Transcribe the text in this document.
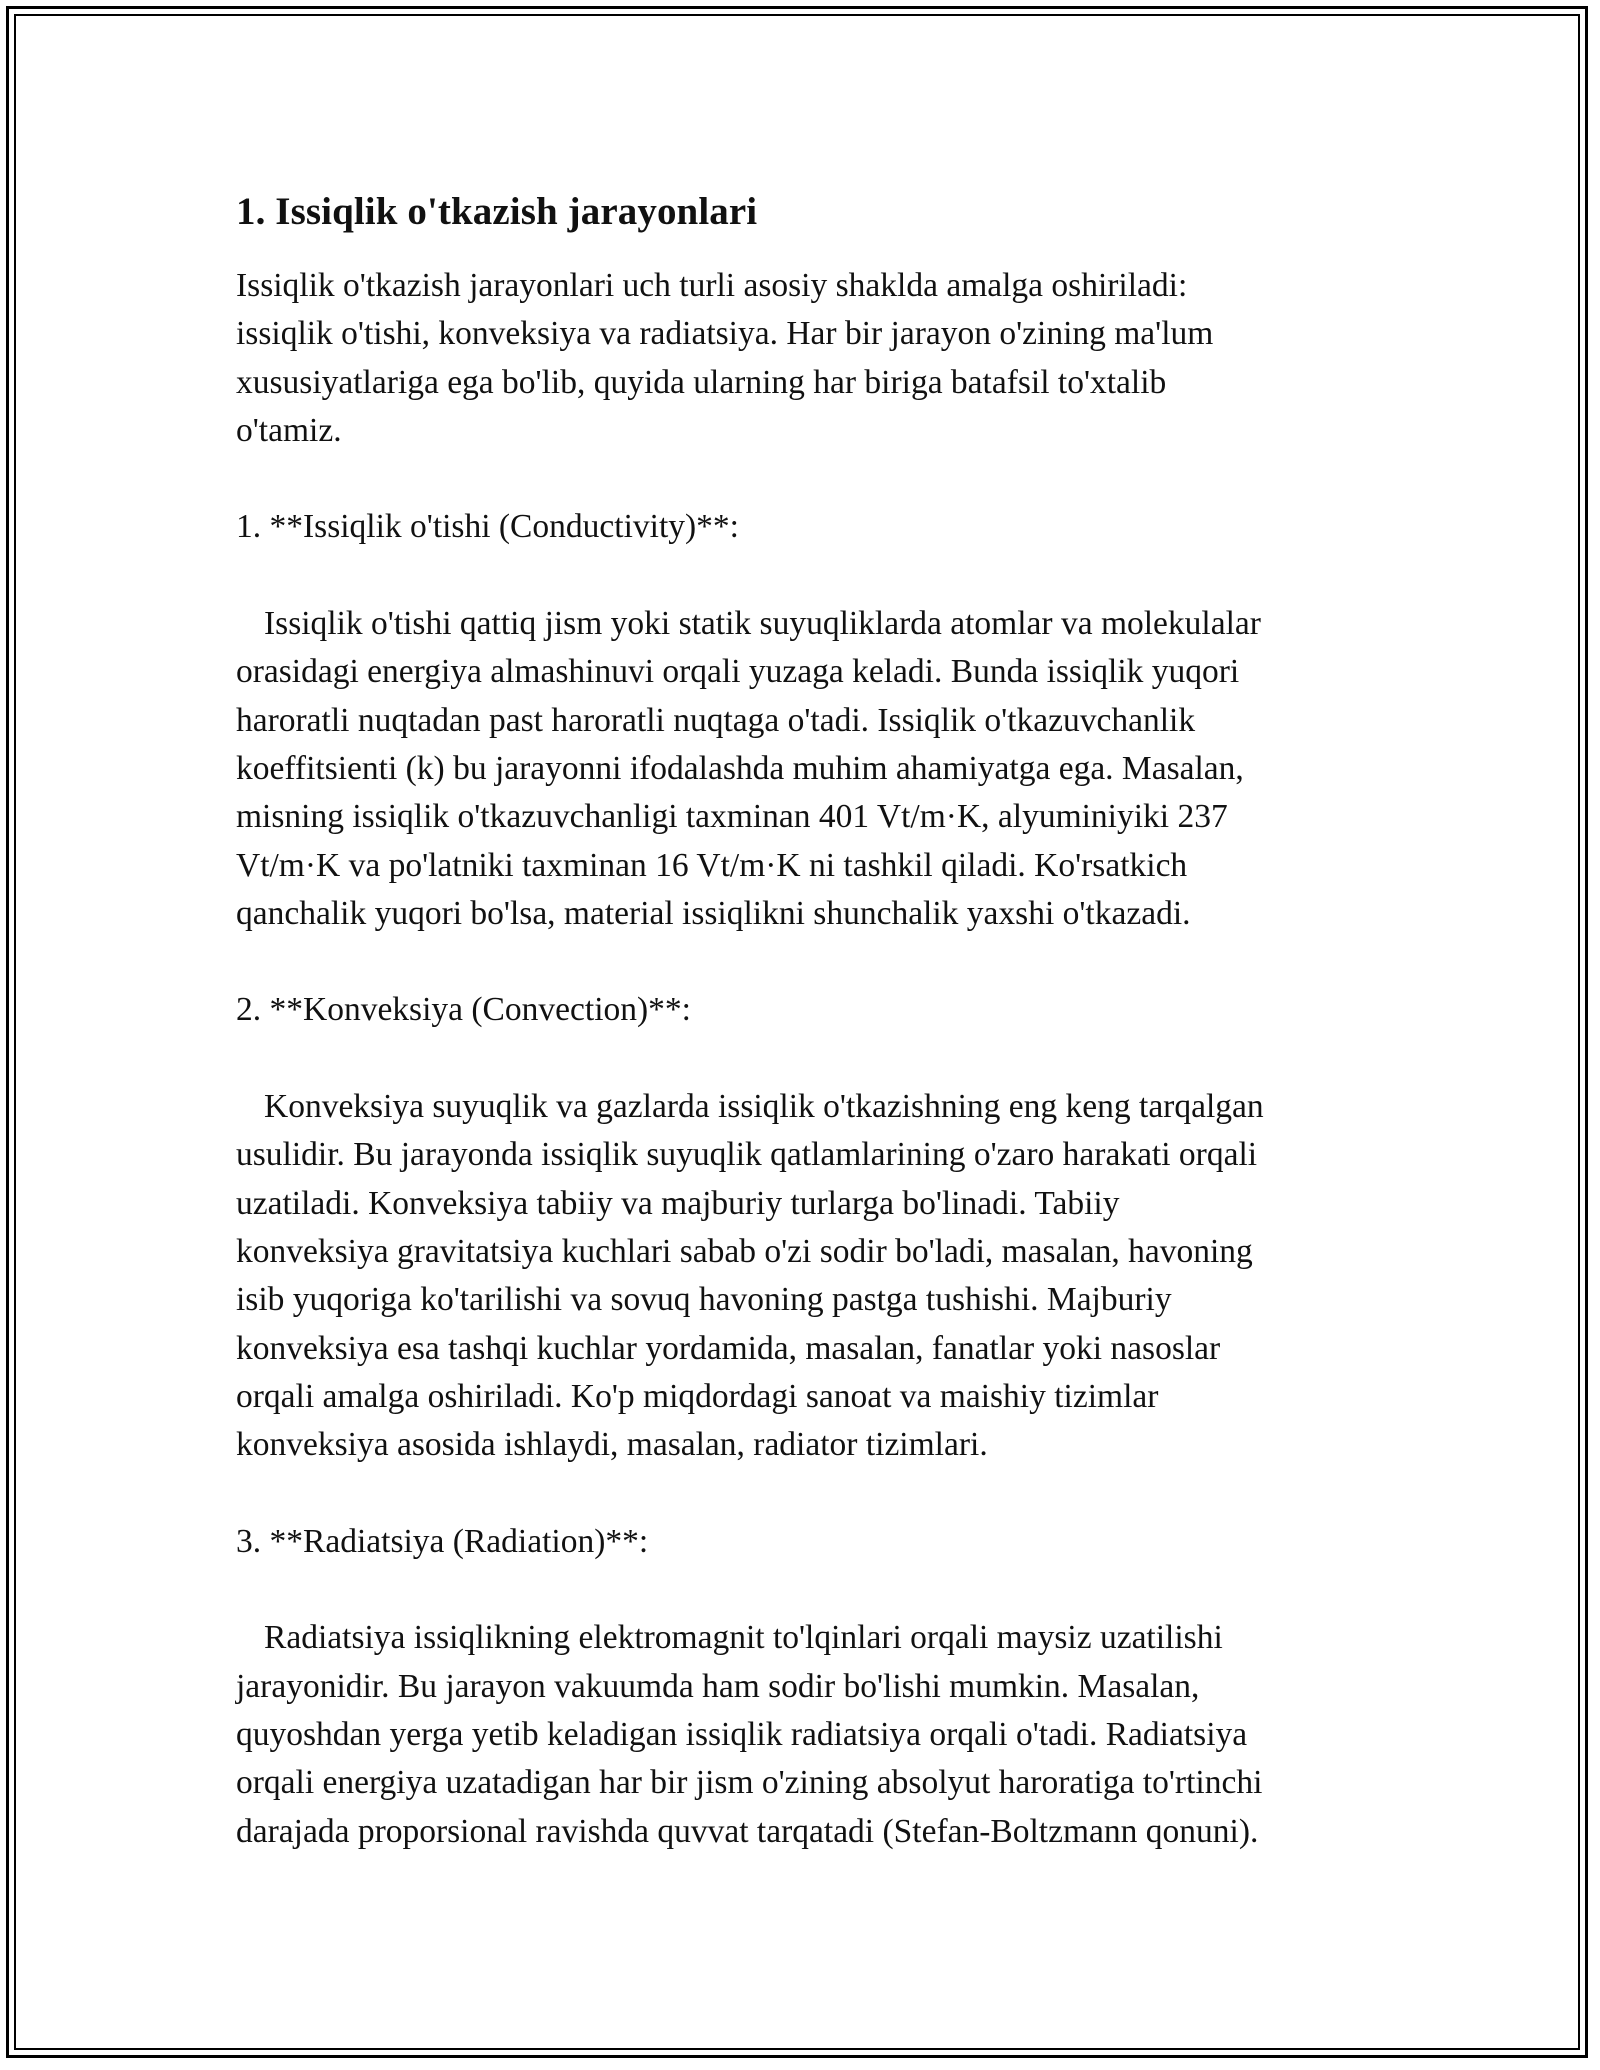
1. Issiqlik o'tkazish jarayonlari

Issiqlik o'tkazish jarayonlari uch turli asosiy shaklda amalga oshiriladi:
issiqlik o'tishi, konveksiya va radiatsiya. Har bir jarayon o'zining ma'lum
xususiyatlariga ega bo'lib, quyida ularning har biriga batafsil to'xtalib
o'tamiz.

1. **Issiqlik o'tishi (Conductivity)**:

Issiqlik o'tishi qattiq jism yoki statik suyuqliklarda atomlar va molekulalar
orasidagi energiya almashinuvi orqali yuzaga keladi. Bunda issiqlik yuqori
haroratli nuqtadan past haroratli nuqtaga o'tadi. Issiqlik o'tkazuvchanlik
koeffitsienti (k) bu jarayonni ifodalashda muhim ahamiyatga ega. Masalan,
misning issiqlik o'tkazuvchanligi taxminan 401 Vt/m·K, alyuminiyiki 237
Vt/m·K va po'latniki taxminan 16 Vt/m·K ni tashkil qiladi. Ko'rsatkich
qanchalik yuqori bo'lsa, material issiqlikni shunchalik yaxshi o'tkazadi.

2. **Konveksiya (Convection)**:

Konveksiya suyuqlik va gazlarda issiqlik o'tkazishning eng keng tarqalgan
usulidir. Bu jarayonda issiqlik suyuqlik qatlamlarining o'zaro harakati orqali
uzatiladi. Konveksiya tabiiy va majburiy turlarga bo'linadi. Tabiiy
konveksiya gravitatsiya kuchlari sabab o'zi sodir bo'ladi, masalan, havoning
isib yuqoriga ko'tarilishi va sovuq havoning pastga tushishi. Majburiy
konveksiya esa tashqi kuchlar yordamida, masalan, fanatlar yoki nasoslar
orqali amalga oshiriladi. Ko'p miqdordagi sanoat va maishiy tizimlar
konveksiya asosida ishlaydi, masalan, radiator tizimlari.

3. **Radiatsiya (Radiation)**:

Radiatsiya issiqlikning elektromagnit to'lqinlari orqali maysiz uzatilishi
jarayonidir. Bu jarayon vakuumda ham sodir bo'lishi mumkin. Masalan,
quyoshdan yerga yetib keladigan issiqlik radiatsiya orqali o'tadi. Radiatsiya
orqali energiya uzatadigan har bir jism o'zining absolyut haroratiga to'rtinchi
darajada proporsional ravishda quvvat tarqatadi (Stefan-Boltzmann qonuni).
